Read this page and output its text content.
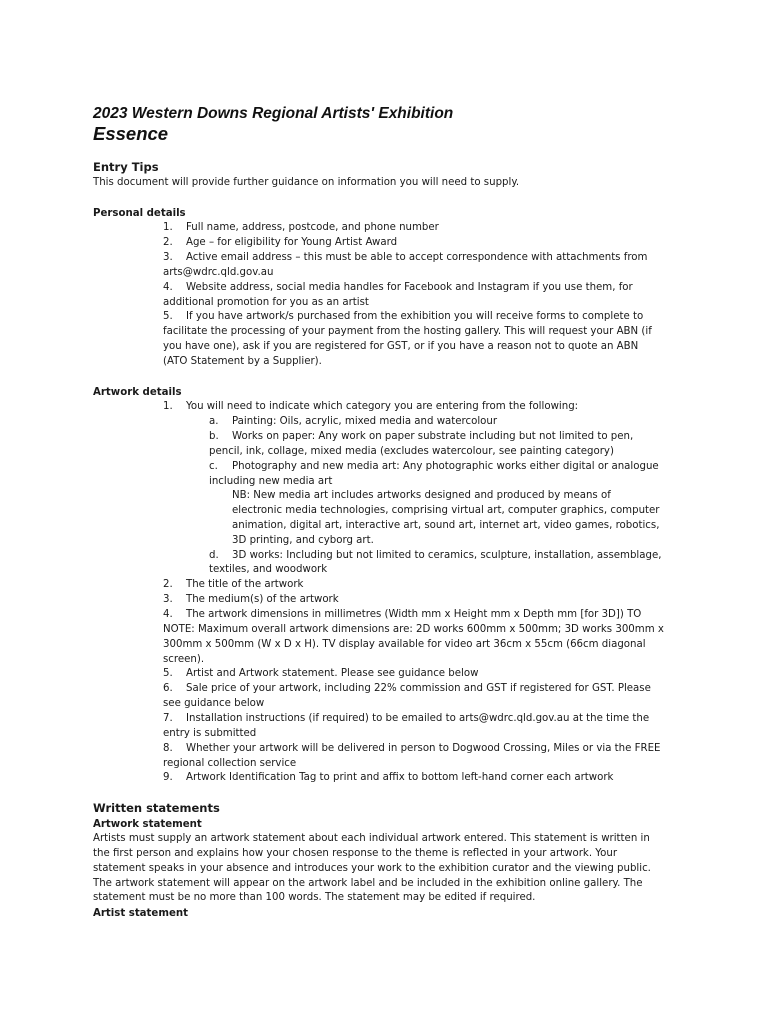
2023 Western Downs Regional Artists' Exhibition
Essence
Entry Tips
This document will provide further guidance on information you will need to supply.
Personal details
1. Full name, address, postcode, and phone number
2. Age – for eligibility for Young Artist Award
3. Active email address – this must be able to accept correspondence with attachments from
arts@wdrc.qld.gov.au
4. Website address, social media handles for Facebook and Instagram if you use them, for
additional promotion for you as an artist
5. If you have artwork/s purchased from the exhibition you will receive forms to complete to
facilitate the processing of your payment from the hosting gallery. This will request your ABN (if
you have one), ask if you are registered for GST, or if you have a reason not to quote an ABN
(ATO Statement by a Supplier).
Artwork details
1. You will need to indicate which category you are entering from the following:
a. Painting: Oils, acrylic, mixed media and watercolour
b. Works on paper: Any work on paper substrate including but not limited to pen,
pencil, ink, collage, mixed media (excludes watercolour, see painting category)
c. Photography and new media art: Any photographic works either digital or analogue
including new media art
NB: New media art includes artworks designed and produced by means of
electronic media technologies, comprising virtual art, computer graphics, computer
animation, digital art, interactive art, sound art, internet art, video games, robotics,
3D printing, and cyborg art.
d. 3D works: Including but not limited to ceramics, sculpture, installation, assemblage,
textiles, and woodwork
2. The title of the artwork
3. The medium(s) of the artwork
4. The artwork dimensions in millimetres (Width mm x Height mm x Depth mm [for 3D]) TO
NOTE: Maximum overall artwork dimensions are: 2D works 600mm x 500mm; 3D works 300mm x
300mm x 500mm (W x D x H). TV display available for video art 36cm x 55cm (66cm diagonal
screen).
5. Artist and Artwork statement. Please see guidance below
6. Sale price of your artwork, including 22% commission and GST if registered for GST. Please
see guidance below
7. Installation instructions (if required) to be emailed to arts@wdrc.qld.gov.au at the time the
entry is submitted
8. Whether your artwork will be delivered in person to Dogwood Crossing, Miles or via the FREE
regional collection service
9. Artwork Identification Tag to print and affix to bottom left-hand corner each artwork
Written statements
Artwork statement
Artists must supply an artwork statement about each individual artwork entered. This statement is written in
the first person and explains how your chosen response to the theme is reflected in your artwork. Your
statement speaks in your absence and introduces your work to the exhibition curator and the viewing public.
The artwork statement will appear on the artwork label and be included in the exhibition online gallery. The
statement must be no more than 100 words. The statement may be edited if required.
Artist statement
